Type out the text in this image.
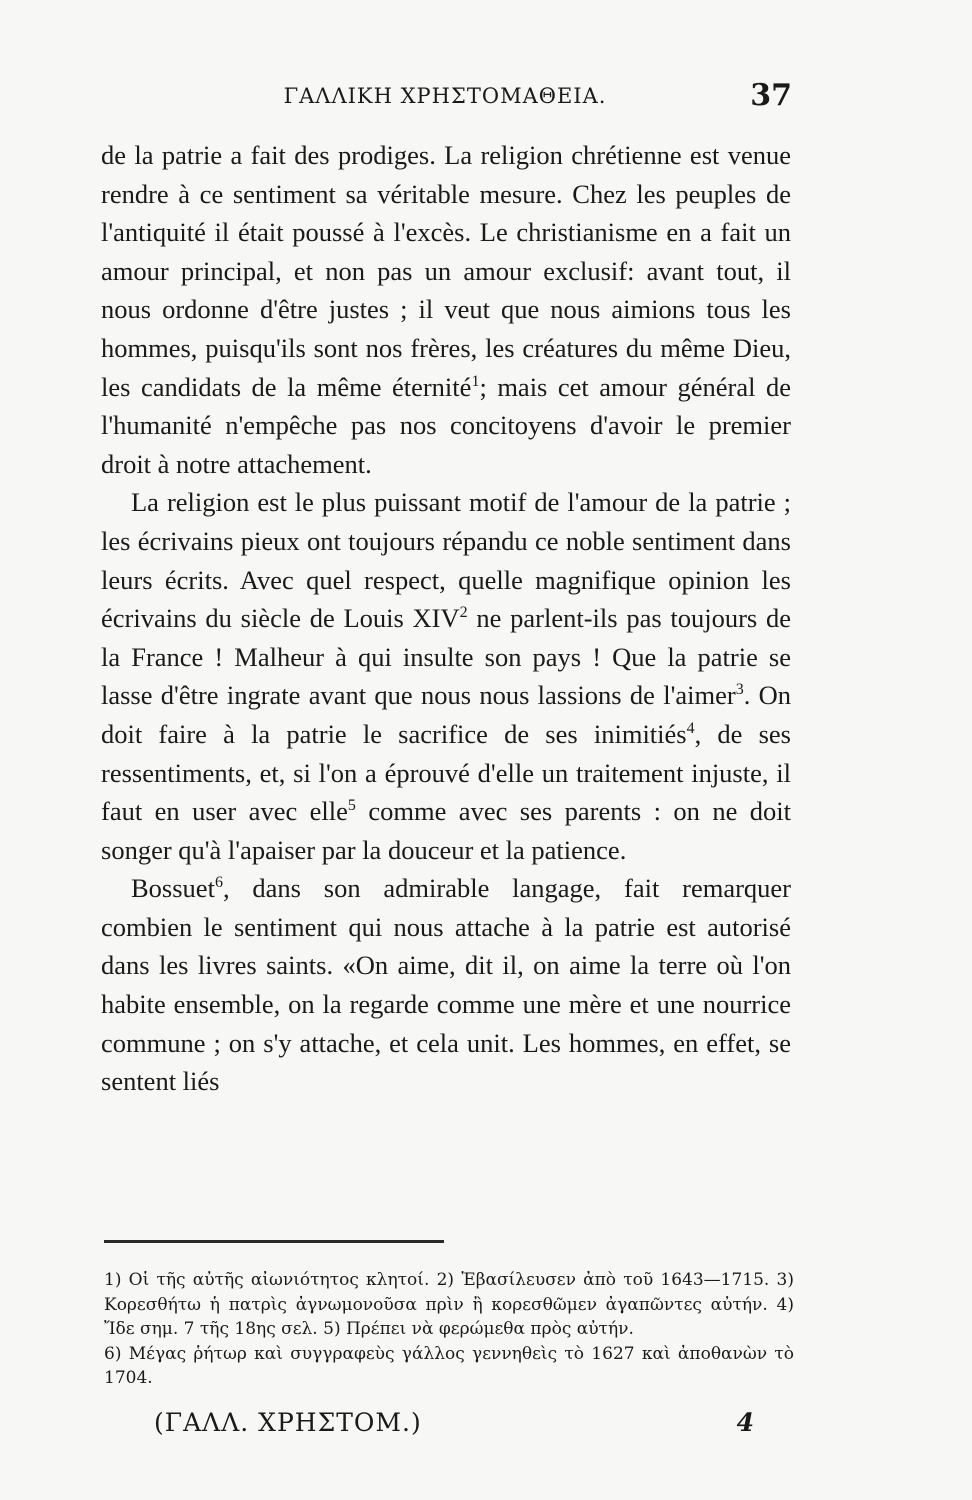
ΓΑΛΛΙΚΗ ΧΡΗΣΤΟΜΑΘΕΙΑ.	37

de la patrie a fait des prodiges. La religion chrétienne est venue rendre à ce sentiment sa véritable mesure. Chez les peuples de l'antiquité il était poussé à l'excès. Le christianisme en a fait un amour principal, et non pas un amour exclusif: avant tout, il nous ordonne d'être justes ; il veut que nous aimions tous les hommes, puisqu'ils sont nos frères, les créatures du même Dieu, les candidats de la même éternité$^1$; mais cet amour général de l'humanité n'empêche pas nos concitoyens d'avoir le premier droit à notre attachement.

La religion est le plus puissant motif de l'amour de la patrie ; les écrivains pieux ont toujours répandu ce noble sentiment dans leurs écrits. Avec quel respect, quelle magnifique opinion les écrivains du siècle de Louis XIV$^2$ ne parlent-ils pas toujours de la France ! Malheur à qui insulte son pays ! Que la patrie se lasse d'être ingrate avant que nous nous lassions de l'aimer$^3$. On doit faire à la patrie le sacrifice de ses inimitiés$^4$, de ses ressentiments, et, si l'on a éprouvé d'elle un traitement injuste, il faut en user avec elle$^5$ comme avec ses parents : on ne doit songer qu'à l'apaiser par la douceur et la patience.

Bossuet$^6$, dans son admirable langage, fait remarquer combien le sentiment qui nous attache à la patrie est autorisé dans les livres saints. «On aime, dit il, on aime la terre où l'on habite ensemble, on la regarde comme une mère et une nourrice commune ; on s'y attache, et cela unit. Les hommes, en effet, se sentent liés

1) Οἱ τῆς αὐτῆς αἰωνιότητος κλητοί. 2) Ἐβασίλευσεν ἀπὸ τοῦ 1643—1715. 3) Κορεσθήτω ἡ πατρὶς ἀγνωμονοῦσα πρὶν ἢ κορεσθῶμεν ἀγαπῶντες αὐτήν. 4) Ἴδε σημ. 7 τῆς 18ης σελ. 5) Πρέπει νὰ φερώμεθα πρὸς αὐτήν.

6) Μέγας ῥήτωρ καὶ συγγραφεὺς γάλλος γεννηθεὶς τὸ 1627 καὶ ἀποθανὼν τὸ 1704.

(ΓΑΛΛ. ΧΡΗΣΤΟΜ.)	4
